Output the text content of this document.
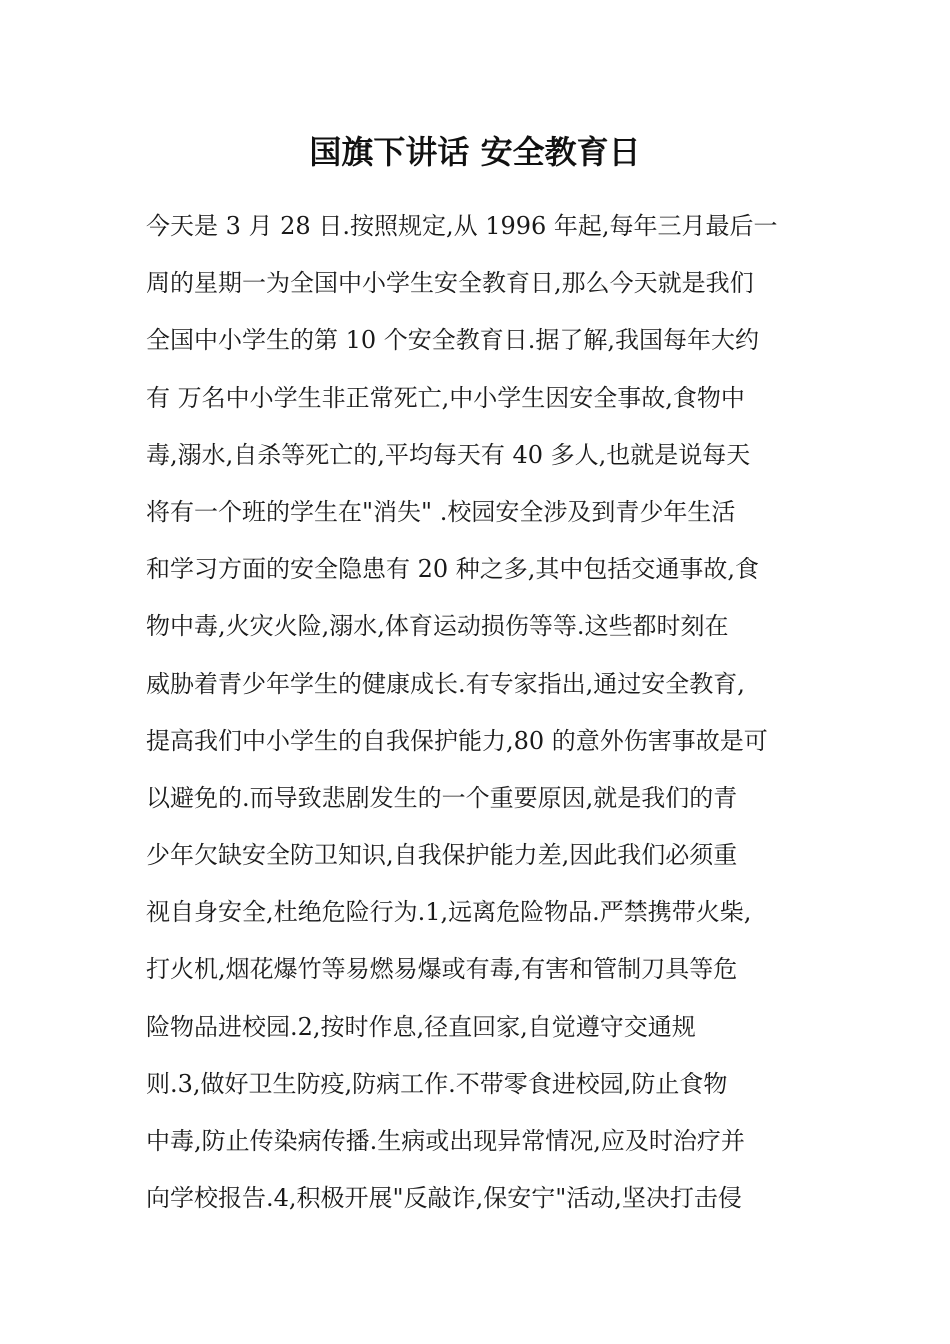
国旗下讲话 安全教育日
今天是 3 月 28 日.按照规定,从 1996 年起,每年三月最后一
周的星期一为全国中小学生安全教育日,那么今天就是我们
全国中小学生的第 10 个安全教育日.据了解,我国每年大约
有 万名中小学生非正常死亡,中小学生因安全事故,食物中
毒,溺水,自杀等死亡的,平均每天有 40 多人,也就是说每天
将有一个班的学生在"消失" .校园安全涉及到青少年生活
和学习方面的安全隐患有 20 种之多,其中包括交通事故,食
物中毒,火灾火险,溺水,体育运动损伤等等.这些都时刻在
威胁着青少年学生的健康成长.有专家指出,通过安全教育,
提高我们中小学生的自我保护能力,80 的意外伤害事故是可
以避免的.而导致悲剧发生的一个重要原因,就是我们的青
少年欠缺安全防卫知识,自我保护能力差,因此我们必须重
视自身安全,杜绝危险行为.1,远离危险物品.严禁携带火柴,
打火机,烟花爆竹等易燃易爆或有毒,有害和管制刀具等危
险物品进校园.2,按时作息,径直回家,自觉遵守交通规
则.3,做好卫生防疫,防病工作.不带零食进校园,防止食物
中毒,防止传染病传播.生病或出现异常情况,应及时治疗并
向学校报告.4,积极开展"反敲诈,保安宁"活动,坚决打击侵
